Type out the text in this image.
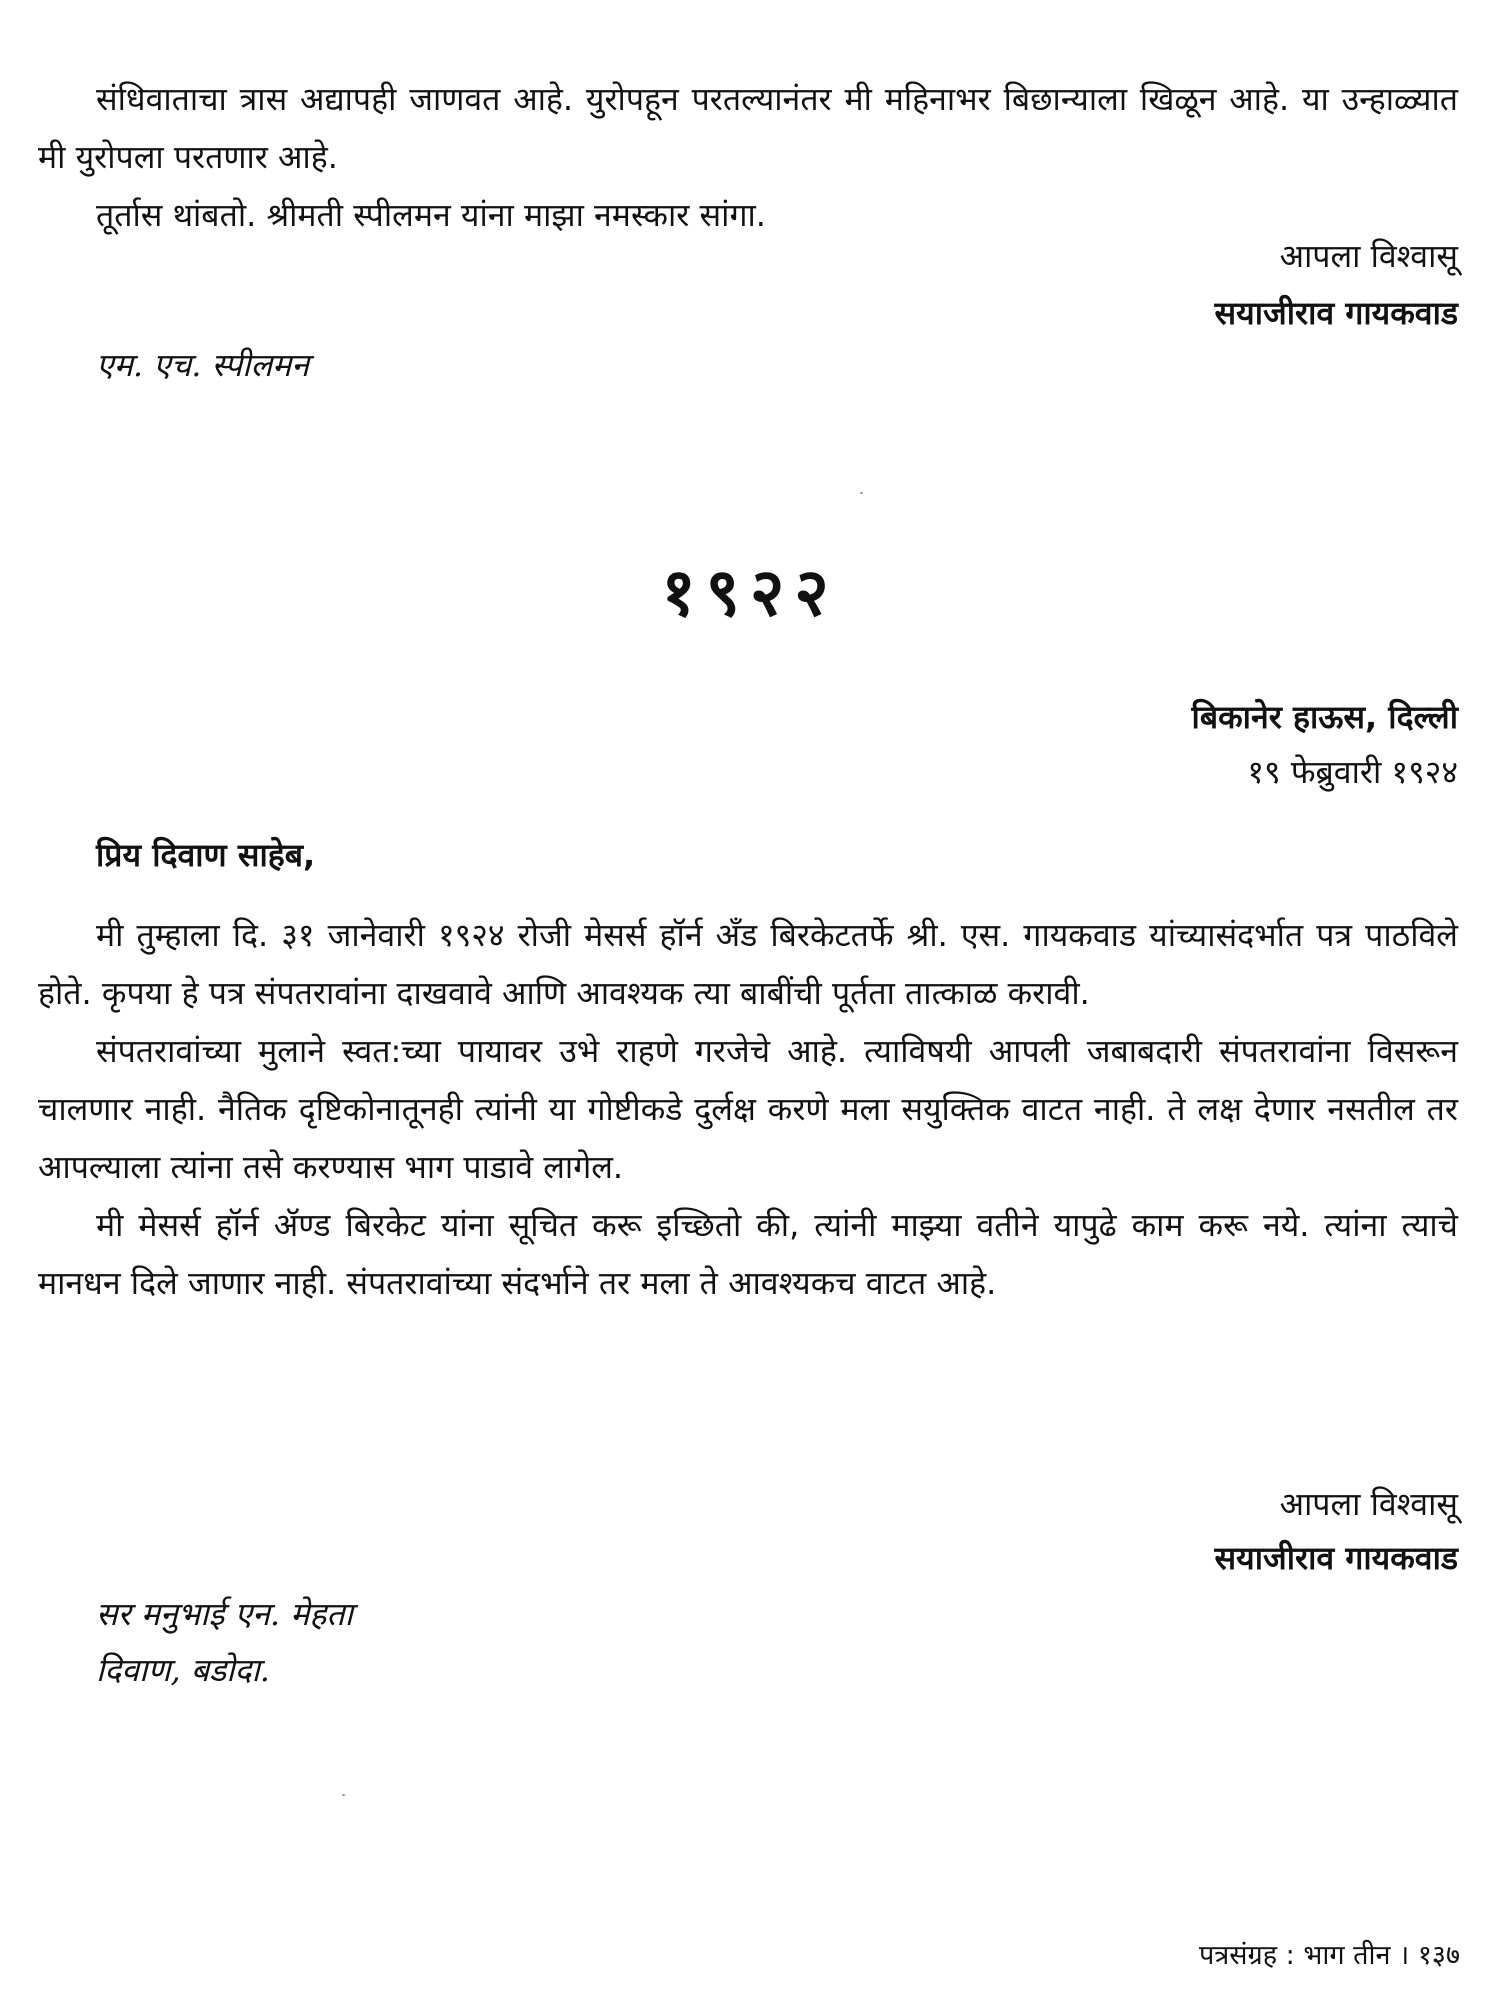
संधिवाताचा त्रास अद्यापही जाणवत आहे. युरोपहून परतल्यानंतर मी महिनाभर बिछान्याला खिळून आहे. या उन्हाळ्यात मी युरोपला परतणार आहे.

तूर्तास थांबतो. श्रीमती स्पीलमन यांना माझा नमस्कार सांगा.

आपला विश्वासू

सयाजीराव गायकवाड

एम. एच. स्पीलमन

१९२२

बिकानेर हाऊस, दिल्ली

१९ फेब्रुवारी १९२४

प्रिय दिवाण साहेब,

मी तुम्हाला दि. ३१ जानेवारी १९२४ रोजी मेसर्स हॉर्न अँड बिरकेटतर्फे श्री. एस. गायकवाड यांच्यासंदर्भात पत्र पाठविले होते. कृपया हे पत्र संपतरावांना दाखवावे आणि आवश्यक त्या बाबींची पूर्तता तात्काळ करावी.

संपतरावांच्या मुलाने स्वत:च्या पायावर उभे राहणे गरजेचे आहे. त्याविषयी आपली जबाबदारी संपतरावांना विसरून चालणार नाही. नैतिक दृष्टिकोनातूनही त्यांनी या गोष्टीकडे दुर्लक्ष करणे मला सयुक्तिक वाटत नाही. ते लक्ष देणार नसतील तर आपल्याला त्यांना तसे करण्यास भाग पाडावे लागेल.

मी मेसर्स हॉर्न ॲण्ड बिरकेट यांना सूचित करू इच्छितो की, त्यांनी माझ्या वतीने यापुढे काम करू नये. त्यांना त्याचे मानधन दिले जाणार नाही. संपतरावांच्या संदर्भाने तर मला ते आवश्यकच वाटत आहे.

आपला विश्वासू

सयाजीराव गायकवाड

सर मनुभाई एन. मेहता

दिवाण, बडोदा.

पत्रसंग्रह : भाग तीन । १३७
